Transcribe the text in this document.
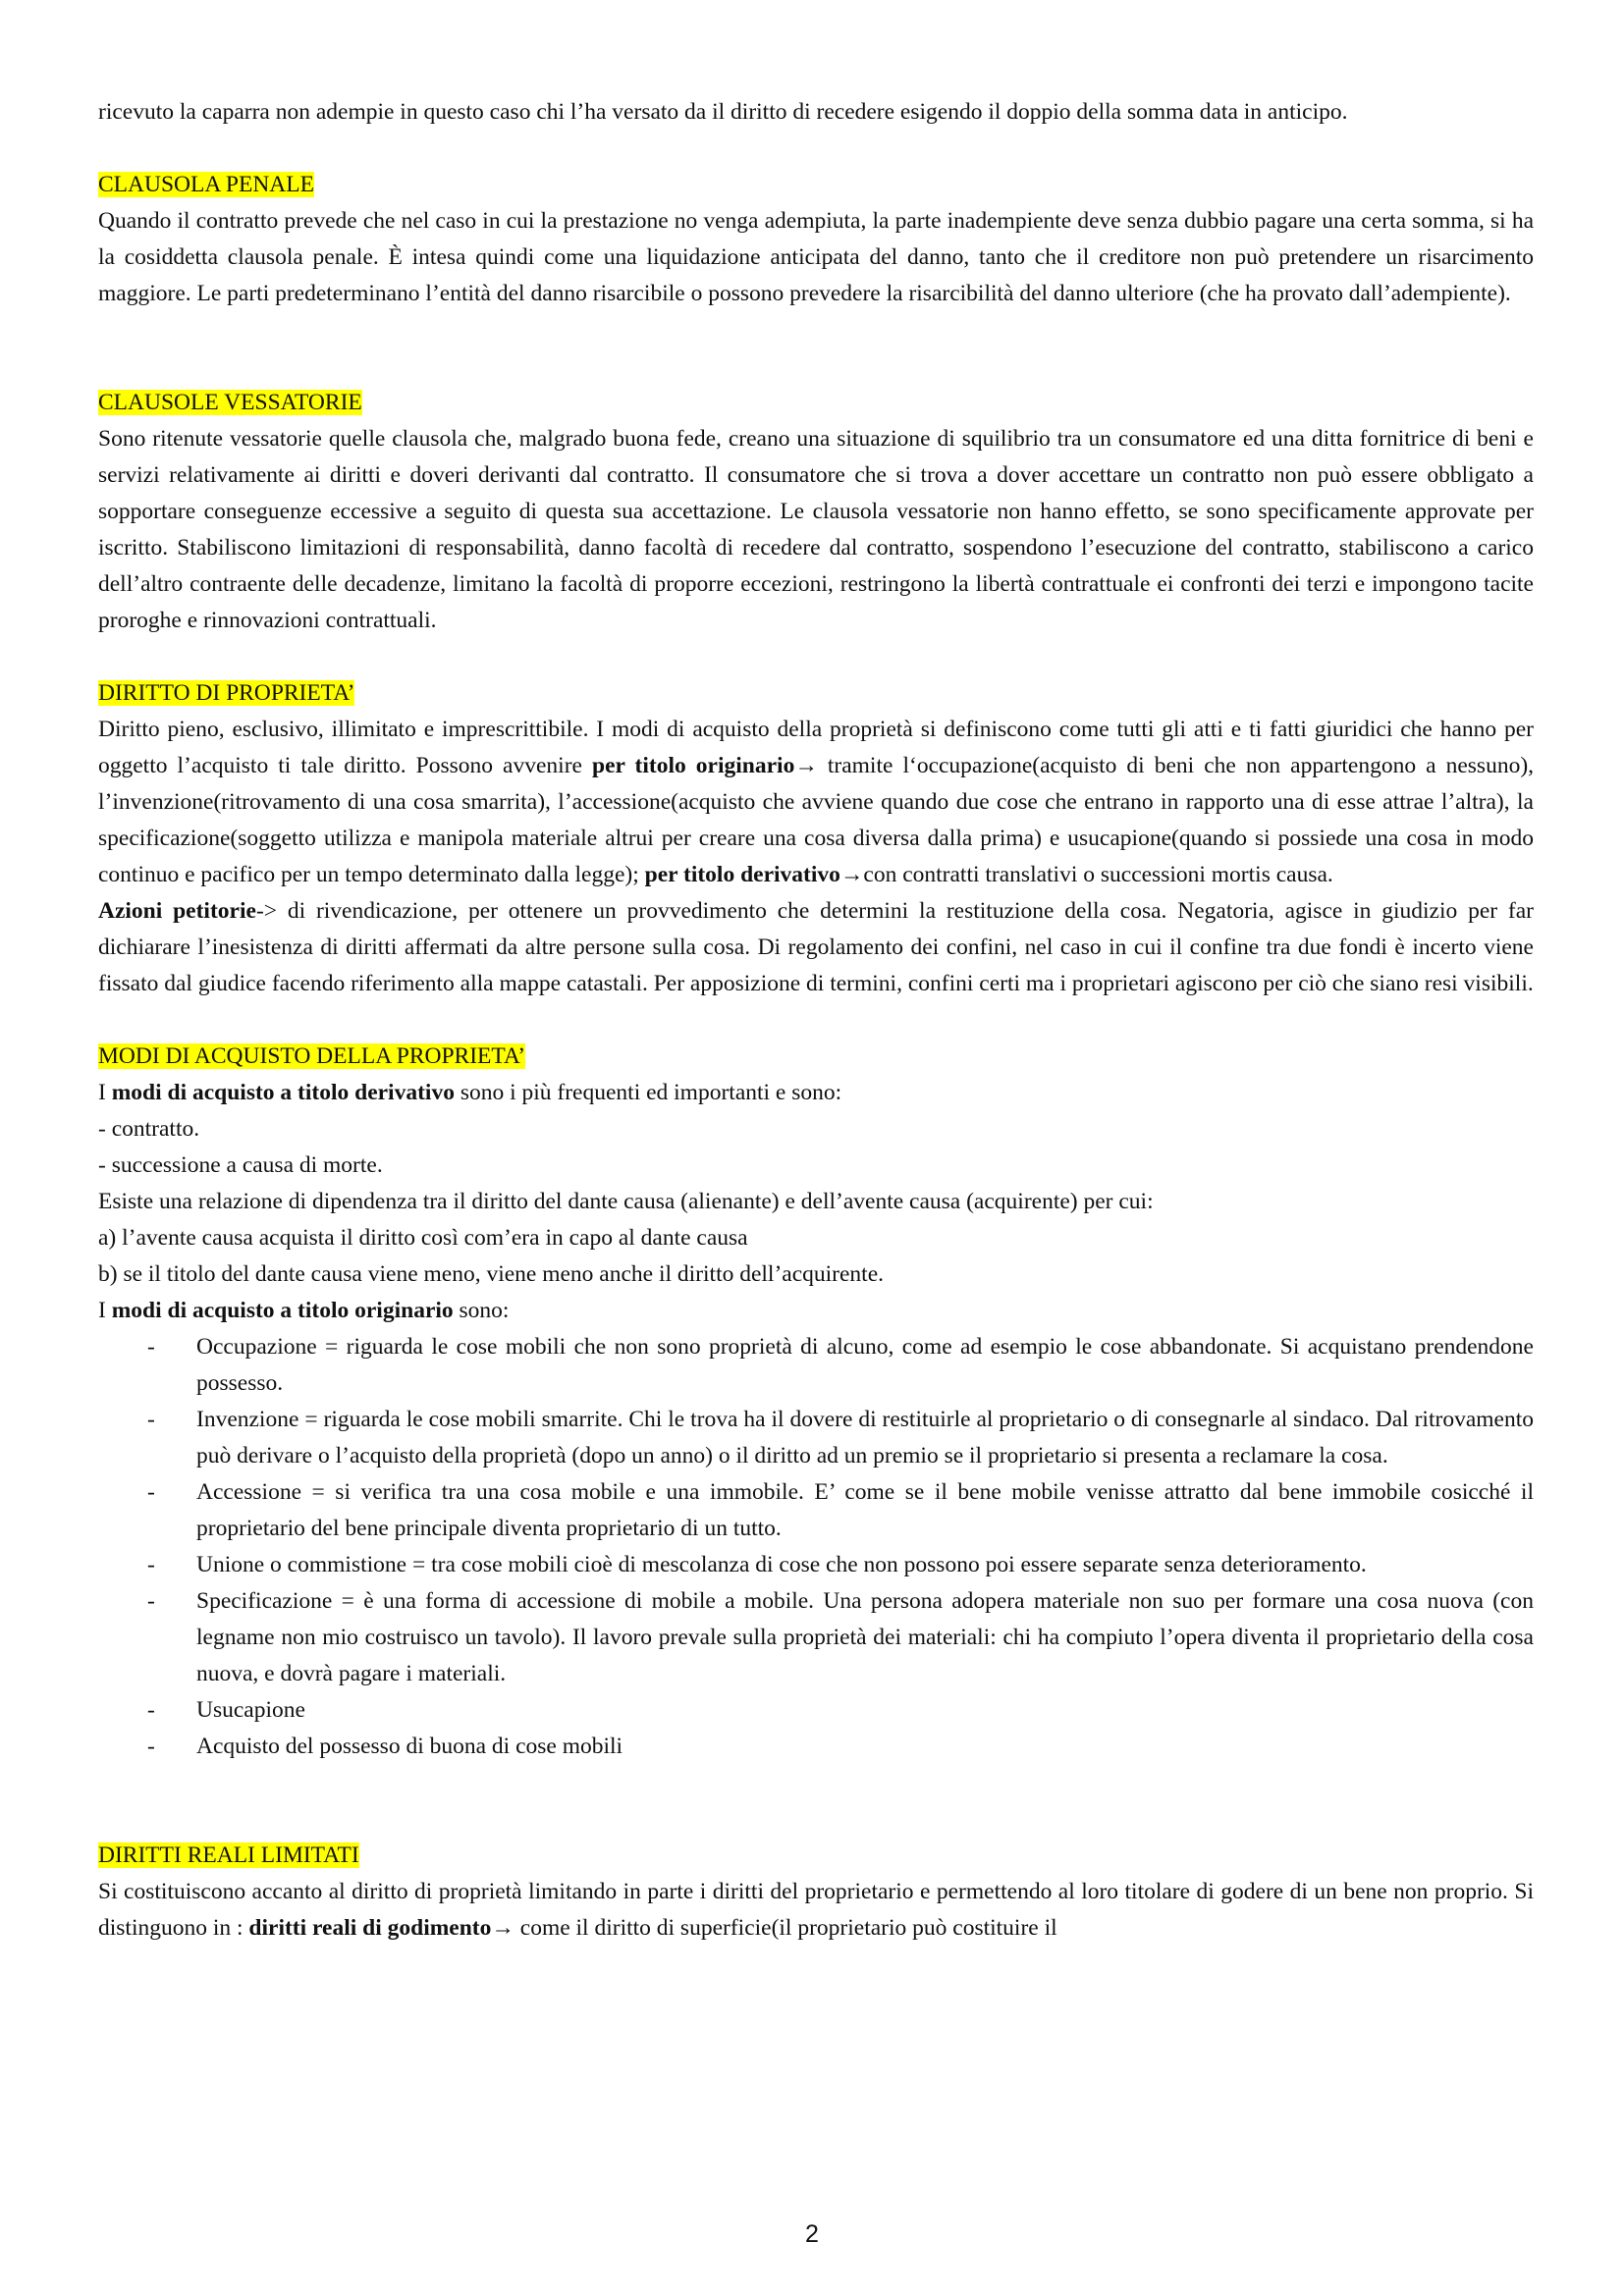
ricevuto la caparra non adempie in questo caso chi l’ha versato da il diritto di recedere esigendo il doppio della somma data in anticipo.

CLAUSOLA PENALE

Quando il contratto prevede che nel caso in cui la prestazione no venga adempiuta, la parte inadempiente deve senza dubbio pagare una certa somma, si ha la cosiddetta clausola penale. È intesa quindi come una liquidazione anticipata del danno, tanto che il creditore non può pretendere un risarcimento maggiore. Le parti predeterminano l’entità del danno risarcibile o possono prevedere la risarcibilità del danno ulteriore (che ha provato dall’adempiente).

CLAUSOLE VESSATORIE

Sono ritenute vessatorie quelle clausola che, malgrado buona fede, creano una situazione di squilibrio tra un consumatore ed una ditta fornitrice di beni e servizi relativamente ai diritti e doveri derivanti dal contratto. Il consumatore che si trova a dover accettare un contratto non può essere obbligato a sopportare conseguenze eccessive a seguito di questa sua accettazione. Le clausola vessatorie non hanno effetto, se sono specificamente approvate per iscritto. Stabiliscono limitazioni di responsabilità, danno facoltà di recedere dal contratto, sospendono l’esecuzione del contratto, stabiliscono a carico dell’altro contraente delle decadenze, limitano la facoltà di proporre eccezioni, restringono la libertà contrattuale ei confronti dei terzi e impongono tacite proroghe e rinnovazioni contrattuali.

DIRITTO DI PROPRIETA’

Diritto pieno, esclusivo, illimitato e imprescrittibile. I modi di acquisto della proprietà si definiscono come tutti gli atti e ti fatti giuridici che hanno per oggetto l’acquisto ti tale diritto. Possono avvenire per titolo originario→ tramite l‘occupazione(acquisto di beni che non appartengono a nessuno), l’invenzione(ritrovamento di una cosa smarrita), l’accessione(acquisto che avviene quando due cose che entrano in rapporto una di esse attrae l’altra), la specificazione(soggetto utilizza e manipola materiale altrui per creare una cosa diversa dalla prima) e usucapione(quando si possiede una cosa in modo continuo e pacifico per un tempo determinato dalla legge); per titolo derivativo→con contratti translativi o successioni mortis causa.

Azioni petitorie-> di rivendicazione, per ottenere un provvedimento che determini la restituzione della cosa. Negatoria, agisce in giudizio per far dichiarare l’inesistenza di diritti affermati da altre persone sulla cosa. Di regolamento dei confini, nel caso in cui il confine tra due fondi è incerto viene fissato dal giudice facendo riferimento alla mappe catastali. Per apposizione di termini, confini certi ma i proprietari agiscono per ciò che siano resi visibili.

MODI DI ACQUISTO DELLA PROPRIETA’

I modi di acquisto a titolo derivativo sono i più frequenti ed importanti e sono:

- contratto.

- successione a causa di morte.

Esiste una relazione di dipendenza tra il diritto del dante causa (alienante) e dell’avente causa (acquirente) per cui:

a) l’avente causa acquista il diritto così com’era in capo al dante causa

b) se il titolo del dante causa viene meno, viene meno anche il diritto dell’acquirente.

I modi di acquisto a titolo originario sono:

- Occupazione = riguarda le cose mobili che non sono proprietà di alcuno, come ad esempio le cose abbandonate. Si acquistano prendendone possesso.
- Invenzione = riguarda le cose mobili smarrite. Chi le trova ha il dovere di restituirle al proprietario o di consegnarle al sindaco. Dal ritrovamento può derivare o l’acquisto della proprietà (dopo un anno) o il diritto ad un premio se il proprietario si presenta a reclamare la cosa.
- Accessione = si verifica tra una cosa mobile e una immobile. E’ come se il bene mobile venisse attratto dal bene immobile cosicché il proprietario del bene principale diventa proprietario di un tutto.
- Unione o commistione = tra cose mobili cioè di mescolanza di cose che non possono poi essere separate senza deterioramento.
- Specificazione = è una forma di accessione di mobile a mobile. Una persona adopera materiale non suo per formare una cosa nuova (con legname non mio costruisco un tavolo). Il lavoro prevale sulla proprietà dei materiali: chi ha compiuto l’opera diventa il proprietario della cosa nuova, e dovrà pagare i materiali.
- Usucapione
- Acquisto del possesso di buona di cose mobili
DIRITTI REALI LIMITATI

Si costituiscono accanto al diritto di proprietà limitando in parte i diritti del proprietario e permettendo al loro titolare di godere di un bene non proprio. Si distinguono in : diritti reali di godimento→ come il diritto di superficie(il proprietario può costituire il

2
